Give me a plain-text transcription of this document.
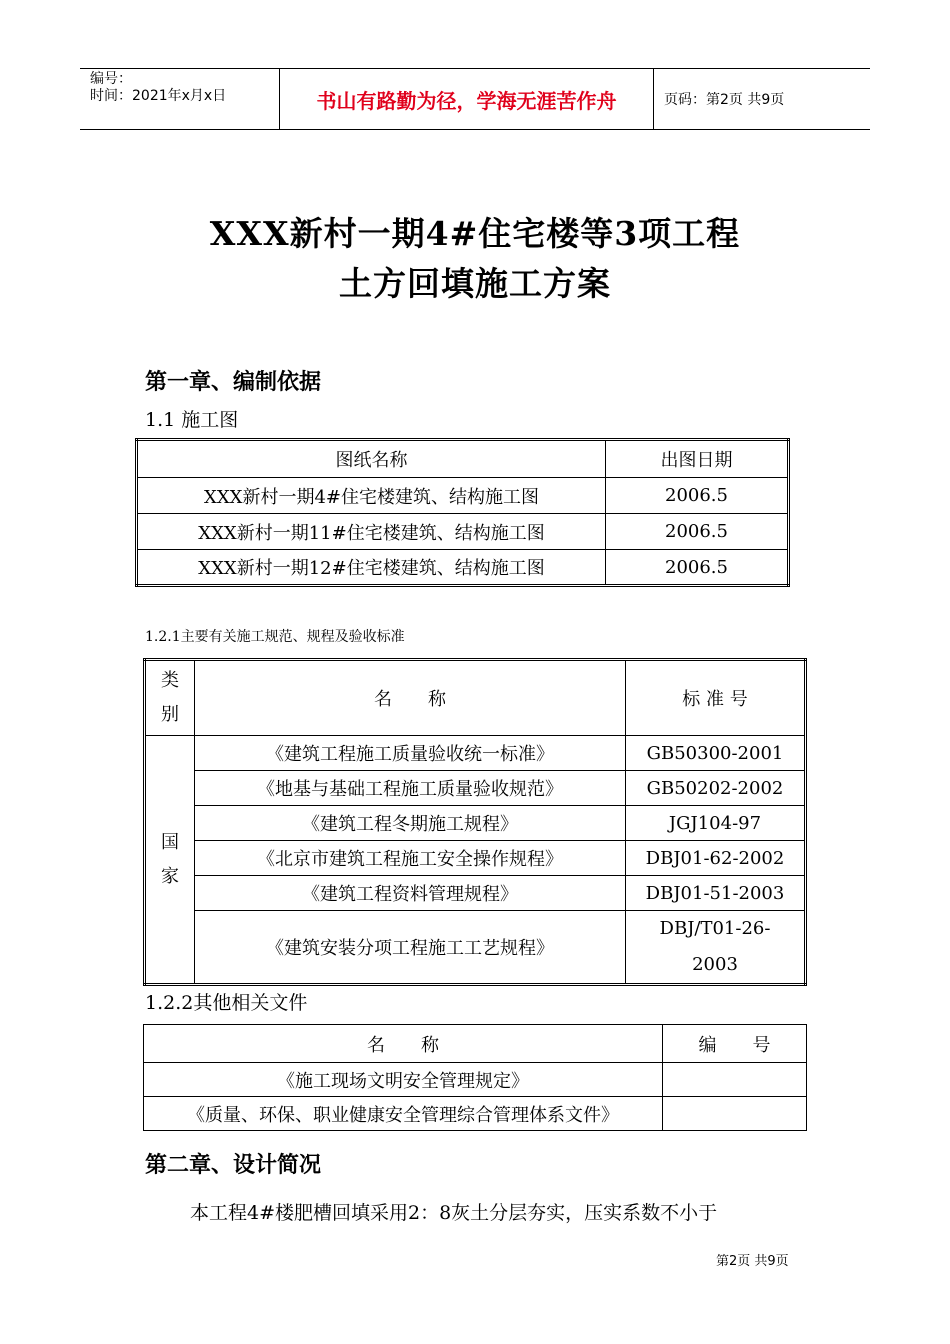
编号：
时间：2021年x月x日	书山有路勤为径，学海无涯苦作舟	页码：第2页 共9页
XXX新村一期4#住宅楼等3项工程
土方回填施工方案
第一章、编制依据
1.1 施工图
图纸名称	出图日期
XXX新村一期4#住宅楼建筑、结构施工图	2006.5
XXX新村一期11#住宅楼建筑、结构施工图	2006.5
XXX新村一期12#住宅楼建筑、结构施工图	2006.5
1.2.1主要有关施工规范、规程及验收标准
类
别	名　　称	标 准 号

国
家	《建筑工程施工质量验收统一标准》	GB50300-2001
	《地基与基础工程施工质量验收规范》	GB50202-2002
	《建筑工程冬期施工规程》	JGJ104-97
	《北京市建筑工程施工安全操作规程》	DBJ01-62-2002
	《建筑工程资料管理规程》	DBJ01-51-2003
	《建筑安装分项工程施工工艺规程》	DBJ/T01-26-
2003
1.2.2其他相关文件
名　　称	编　　号
《施工现场文明安全管理规定》	
《质量、环保、职业健康安全管理综合管理体系文件》	
第二章、设计简况
本工程4#楼肥槽回填采用2：8灰土分层夯实，压实系数不小于
第2页 共9页
